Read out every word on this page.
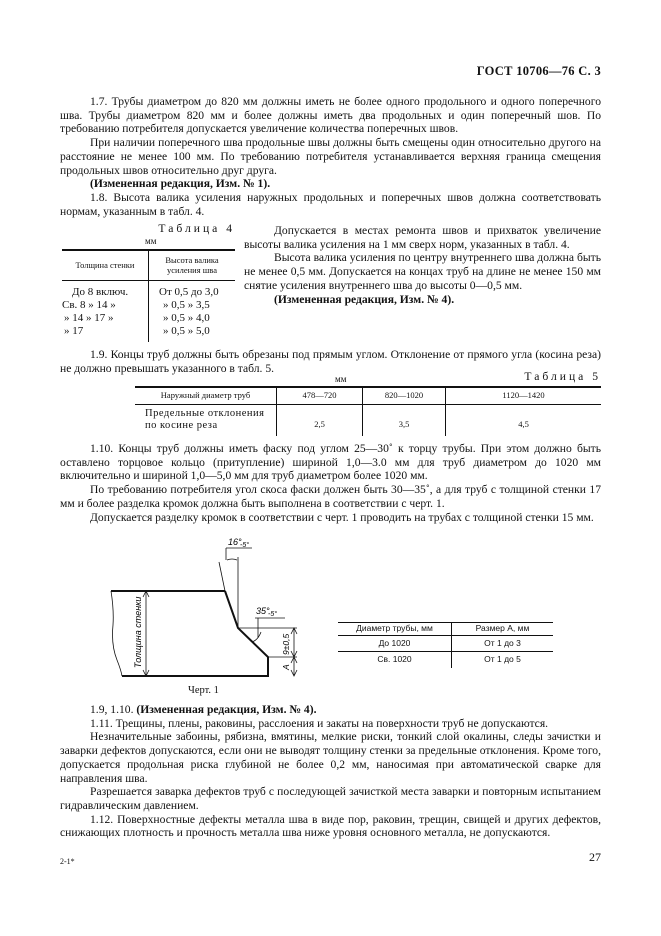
ГОСТ 10706—76 С. 3

1.7. Трубы диаметром до 820 мм должны иметь не более одного продольного и одного поперечного шва. Трубы диаметром 820 мм и более должны иметь два продольных и один поперечный шов. По требованию потребителя допускается увеличение количества поперечных швов.

При наличии поперечного шва продольные швы должны быть смещены один относительно другого на расстояние не менее 100 мм. По требованию потребителя устанавливается верхняя граница смещения продольных швов относительно друг друга.

(Измененная редакция, Изм. № 1).

1.8. Высота валика усиления наружных продольных и поперечных швов должна соответствовать нормам, указанным в табл. 4.

Таблица 4
мм
Толщина стенки	Высота валика усиления шва
До 8 включ.	От 0,5 до 3,0
Св. 8 » 14 »	» 0,5 » 3,5
» 14 » 17 »	» 0,5 » 4,0
» 17	» 0,5 » 5,0

Допускается в местах ремонта швов и прихваток увеличение высоты валика усиления на 1 мм сверх норм, указанных в табл. 4.

Высота валика усиления по центру внутреннего шва должна быть не менее 0,5 мм. Допускается на концах труб на длине не менее 150 мм снятие усиления внутреннего шва до высоты 0—0,5 мм.

(Измененная редакция, Изм. № 4).

1.9. Концы труб должны быть обрезаны под прямым углом. Отклонение от прямого угла (косина реза) не должно превышать указанного в табл. 5.

мм	Таблица 5
Наружный диаметр труб	478—720	820—1020	1120—1420

Предельные отклонения по косине реза	2,5	3,5	4,5

1.10. Концы труб должны иметь фаску под углом 25—30˚ к торцу трубы. При этом должно быть оставлено торцовое кольцо (притупление) шириной 1,0—3.0 мм для труб диаметром до 1020 мм включительно и шириной 1,0—5,0 мм для труб диаметром более 1020 мм.

По требованию потребителя угол скоса фаски должен быть 30—35˚, а для труб с толщиной стенки 17 мм и более разделка кромок должна быть выполнена в соответствии с черт. 1.

Допускается разделку кромок в соответствии с черт. 1 проводить на трубах с толщиной стенки 15 мм.

16°
-5°
35°
-5°
9±0,5
A
Толщина стенки
Черт. 1
Диаметр трубы, мм	Размер А, мм
До 1020	От 1 до 3
Св. 1020	От 1 до 5

1.9, 1.10. (Измененная редакция, Изм. № 4).

1.11. Трещины, плены, раковины, расслоения и закаты на поверхности труб не допускаются.

Незначительные забоины, рябизна, вмятины, мелкие риски, тонкий слой окалины, следы зачистки и заварки дефектов допускаются, если они не выводят толщину стенки за предельные отклонения. Кроме того, допускается продольная риска глубиной не более 0,2 мм, наносимая при автоматической сварке для направления шва.

Разрешается заварка дефектов труб с последующей зачисткой места заварки и повторным испытанием гидравлическим давлением.

1.12. Поверхностные дефекты металла шва в виде пор, раковин, трещин, свищей и других дефектов, снижающих плотность и прочность металла шва ниже уровня основного металла, не допускаются.

2-1*	27
